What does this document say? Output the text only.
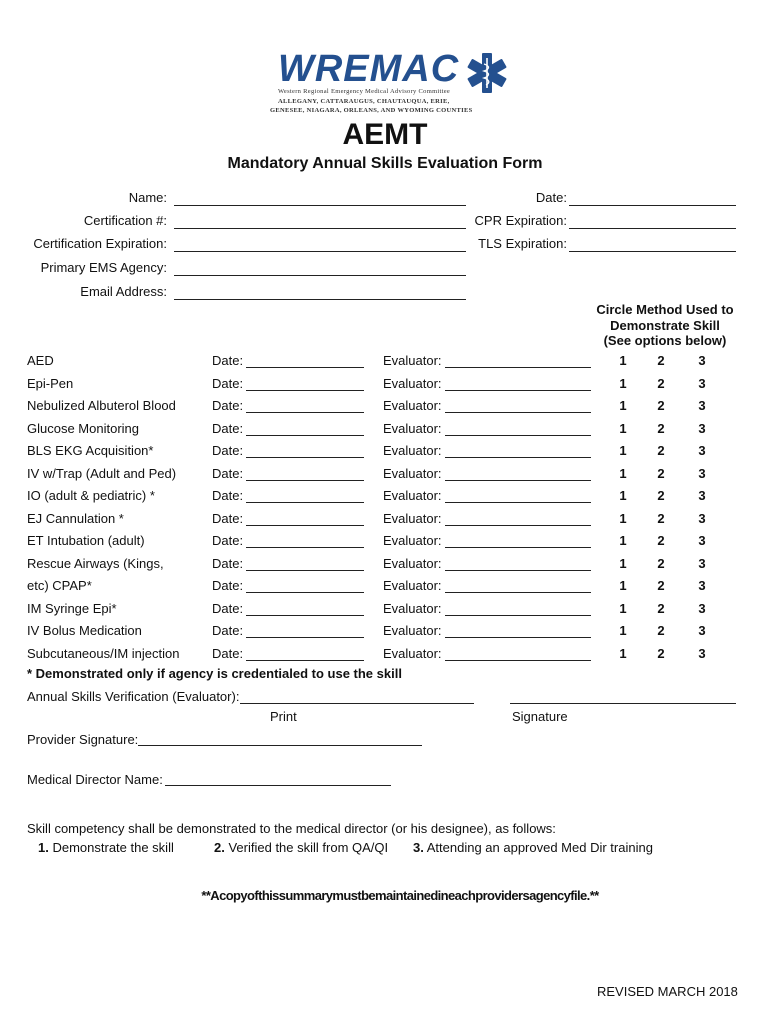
WREMAC
Western Regional Emergency Medical Advisory Committee
ALLEGANY, CATTARAUGUS, CHAUTAUQUA, ERIE,
GENESEE, NIAGARA, ORLEANS, AND WYOMING COUNTIES
AEMT
Mandatory Annual Skills Evaluation Form
Name:	Date:
Certification #:	CPR Expiration:
Certification Expiration:	TLS Expiration:
Primary EMS Agency:
Email Address:
Circle Method Used to
Demonstrate Skill
(See options below)
AED	Date:	Evaluator:	1	2	3
Epi-Pen	Date:	Evaluator:	1	2	3
Nebulized Albuterol Blood	Date:	Evaluator:	1	2	3
Glucose Monitoring	Date:	Evaluator:	1	2	3
BLS EKG Acquisition*	Date:	Evaluator:	1	2	3
IV w/Trap (Adult and Ped)	Date:	Evaluator:	1	2	3
IO (adult & pediatric) *	Date:	Evaluator:	1	2	3
EJ Cannulation *	Date:	Evaluator:	1	2	3
ET Intubation (adult)	Date:	Evaluator:	1	2	3
Rescue Airways (Kings,	Date:	Evaluator:	1	2	3
etc) CPAP*	Date:	Evaluator:	1	2	3
IM Syringe Epi*	Date:	Evaluator:	1	2	3
IV Bolus Medication	Date:	Evaluator:	1	2	3
Subcutaneous/IM injection	Date:	Evaluator:	1	2	3
* Demonstrated only if agency is credentialed to use the skill
Annual Skills Verification (Evaluator):
Print	Signature
Provider Signature:
Medical Director Name:
Skill competency shall be demonstrated to the medical director (or his designee), as follows:
1. Demonstrate the skill	2. Verified the skill from QA/QI 3. Attending an approved Med Dir training
**Acopyofthissummarymustbemaintainedineachprovidersagencyfile.**
REVISED MARCH 2018
